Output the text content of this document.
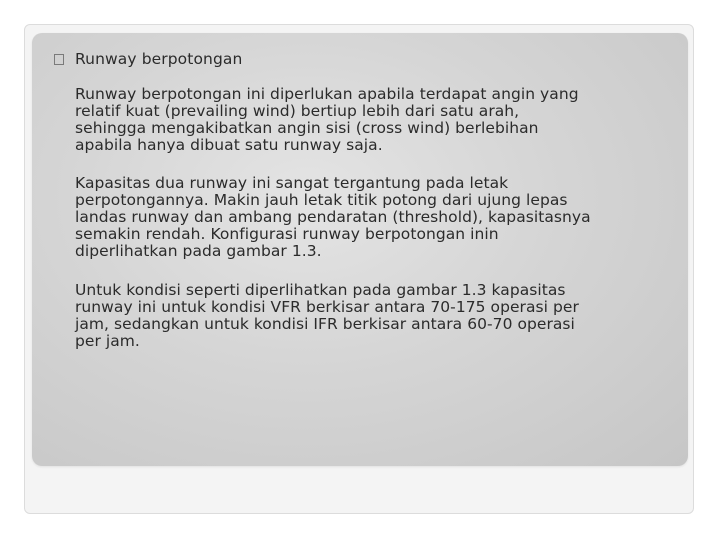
Runway berpotongan

Runway berpotongan ini diperlukan apabila terdapat angin yang
relatif kuat (prevailing wind) bertiup lebih dari satu arah,
sehingga mengakibatkan angin sisi (cross wind) berlebihan
apabila hanya dibuat satu runway saja.

Kapasitas dua runway ini sangat tergantung pada letak
perpotongannya. Makin jauh letak titik potong dari ujung lepas
landas runway dan ambang pendaratan (threshold), kapasitasnya
semakin rendah. Konfigurasi runway berpotongan inin
diperlihatkan pada gambar 1.3.

Untuk kondisi seperti diperlihatkan pada gambar 1.3 kapasitas
runway ini untuk kondisi VFR berkisar antara 70-175 operasi per
jam, sedangkan untuk kondisi IFR berkisar antara 60-70 operasi
per jam.
